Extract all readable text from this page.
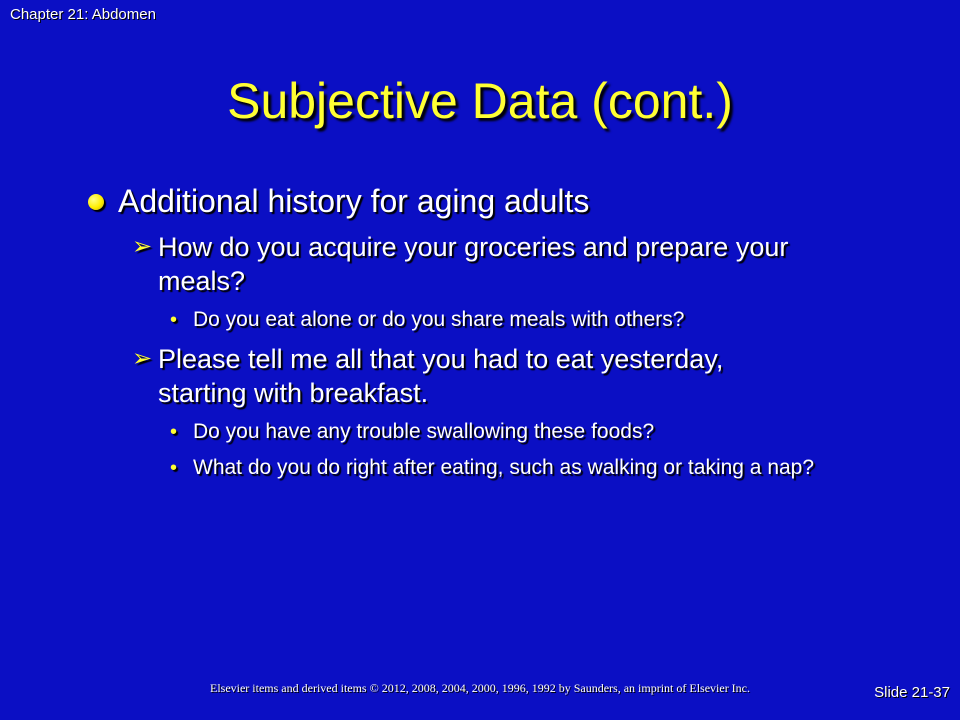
Chapter 21: Abdomen
Subjective Data (cont.)
Additional history for aging adults
➢ How do you acquire your groceries and prepare your meals?
• Do you eat alone or do you share meals with others?
➢ Please tell me all that you had to eat yesterday, starting with breakfast.
• Do you have any trouble swallowing these foods?
• What do you do right after eating, such as walking or taking a nap?
Elsevier items and derived items © 2012, 2008, 2004, 2000, 1996, 1992 by Saunders, an imprint of Elsevier Inc.	Slide 21-37
